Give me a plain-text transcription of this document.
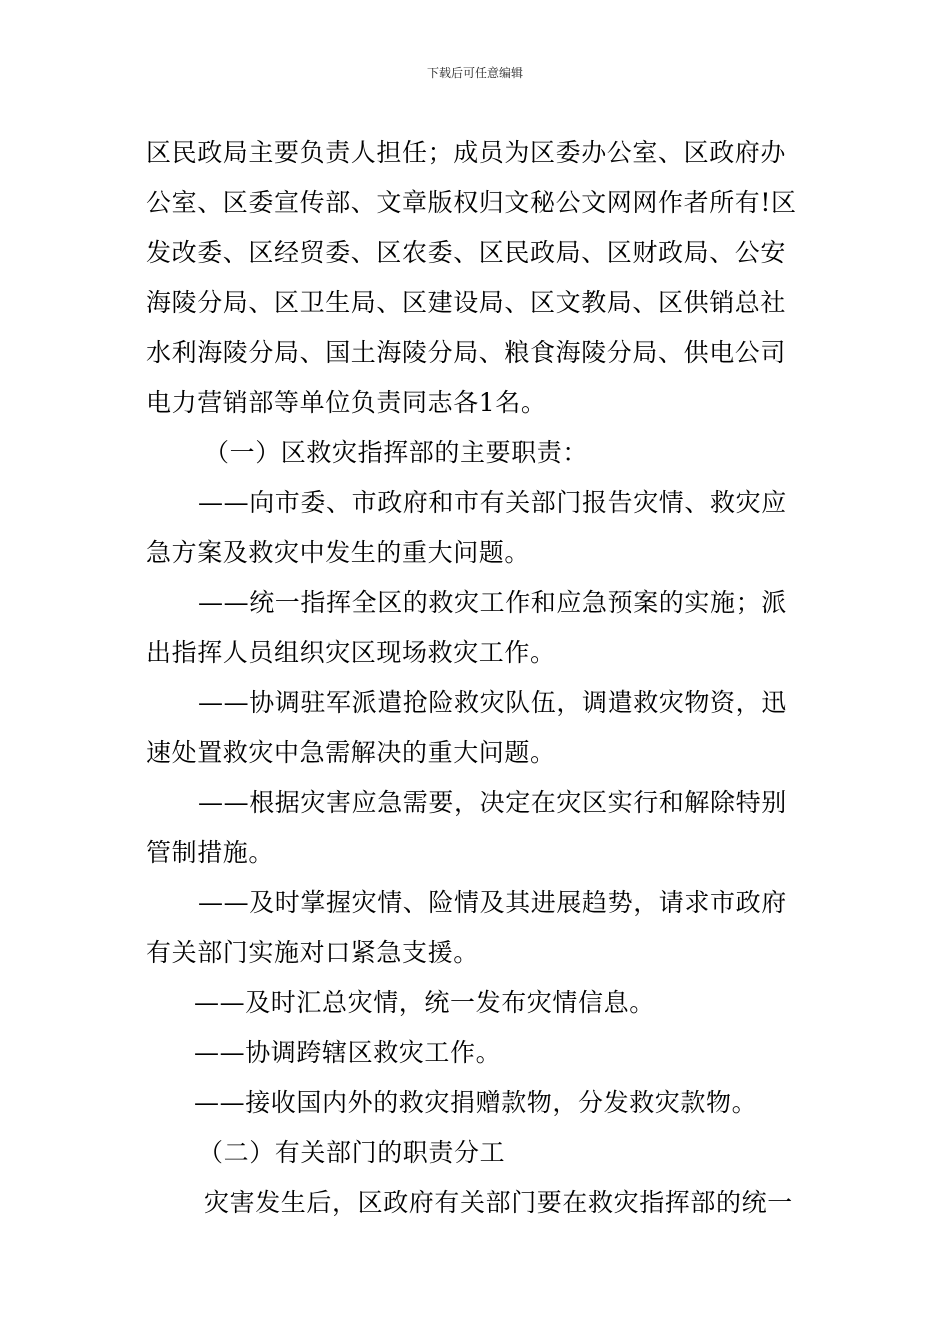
下载后可任意编辑
区民政局主要负责人担任；成员为区委办公室、区政府办
公室、区委宣传部、文章版权归文秘公文网网作者所有!区
发改委、区经贸委、区农委、区民政局、区财政局、公安
海陵分局、区卫生局、区建设局、区文教局、区供销总社
水利海陵分局、国土海陵分局、粮食海陵分局、供电公司
电力营销部等单位负责同志各1名。
（一）区救灾指挥部的主要职责：
——向市委、市政府和市有关部门报告灾情、救灾应
急方案及救灾中发生的重大问题。
——统一指挥全区的救灾工作和应急预案的实施；派
出指挥人员组织灾区现场救灾工作。
——协调驻军派遣抢险救灾队伍，调遣救灾物资，迅
速处置救灾中急需解决的重大问题。
——根据灾害应急需要，决定在灾区实行和解除特别
管制措施。
——及时掌握灾情、险情及其进展趋势，请求市政府
有关部门实施对口紧急支援。
——及时汇总灾情，统一发布灾情信息。
——协调跨辖区救灾工作。
——接收国内外的救灾捐赠款物，分发救灾款物。
（二）有关部门的职责分工
灾害发生后，区政府有关部门要在救灾指挥部的统一
